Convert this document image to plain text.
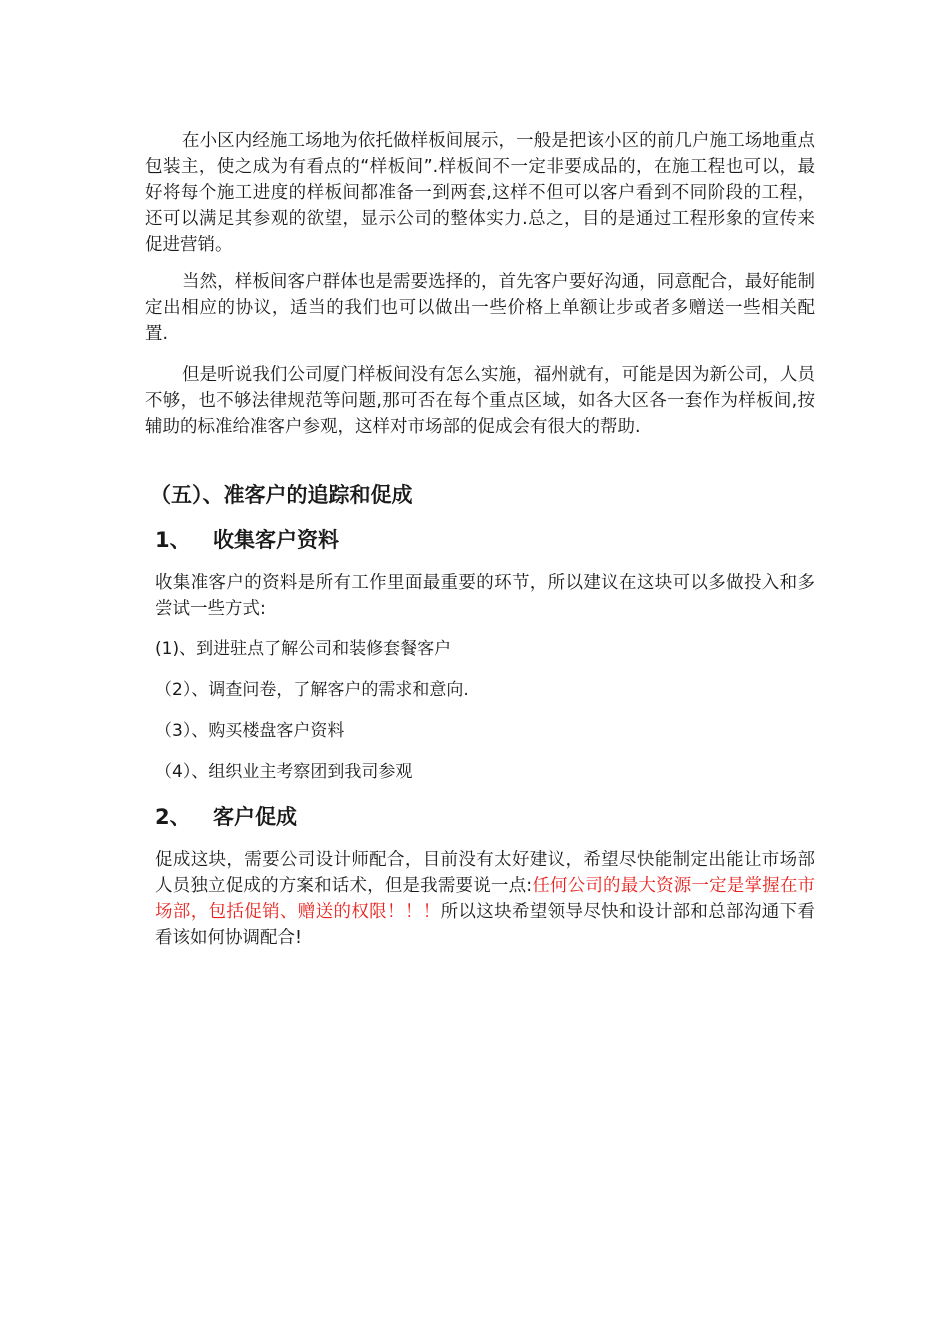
在小区内经施工场地为依托做样板间展示，一般是把该小区的前几户施工场地重点包装主，使之成为有看点的“样板间”.样板间不一定非要成品的，在施工程也可以，最好将每个施工进度的样板间都准备一到两套,这样不但可以客户看到不同阶段的工程，还可以满足其参观的欲望，显示公司的整体实力.总之，目的是通过工程形象的宣传来促进营销。

当然，样板间客户群体也是需要选择的，首先客户要好沟通，同意配合，最好能制定出相应的协议，适当的我们也可以做出一些价格上单额让步或者多赠送一些相关配置.

但是听说我们公司厦门样板间没有怎么实施，福州就有，可能是因为新公司，人员不够，也不够法律规范等问题,那可否在每个重点区域，如各大区各一套作为样板间,按辅助的标准给准客户参观，这样对市场部的促成会有很大的帮助.

（五）、准客户的追踪和促成
1、 收集客户资料

收集准客户的资料是所有工作里面最重要的环节，所以建议在这块可以多做投入和多尝试一些方式:

(1)、到进驻点了解公司和装修套餐客户

（2）、调查问卷，了解客户的需求和意向.

（3）、购买楼盘客户资料

（4）、组织业主考察团到我司参观

2、 客户促成

促成这块，需要公司设计师配合，目前没有太好建议，希望尽快能制定出能让市场部人员独立促成的方案和话术，但是我需要说一点:任何公司的最大资源一定是掌握在市场部，包括促销、赠送的权限！！！所以这块希望领导尽快和设计部和总部沟通下看看该如何协调配合!
